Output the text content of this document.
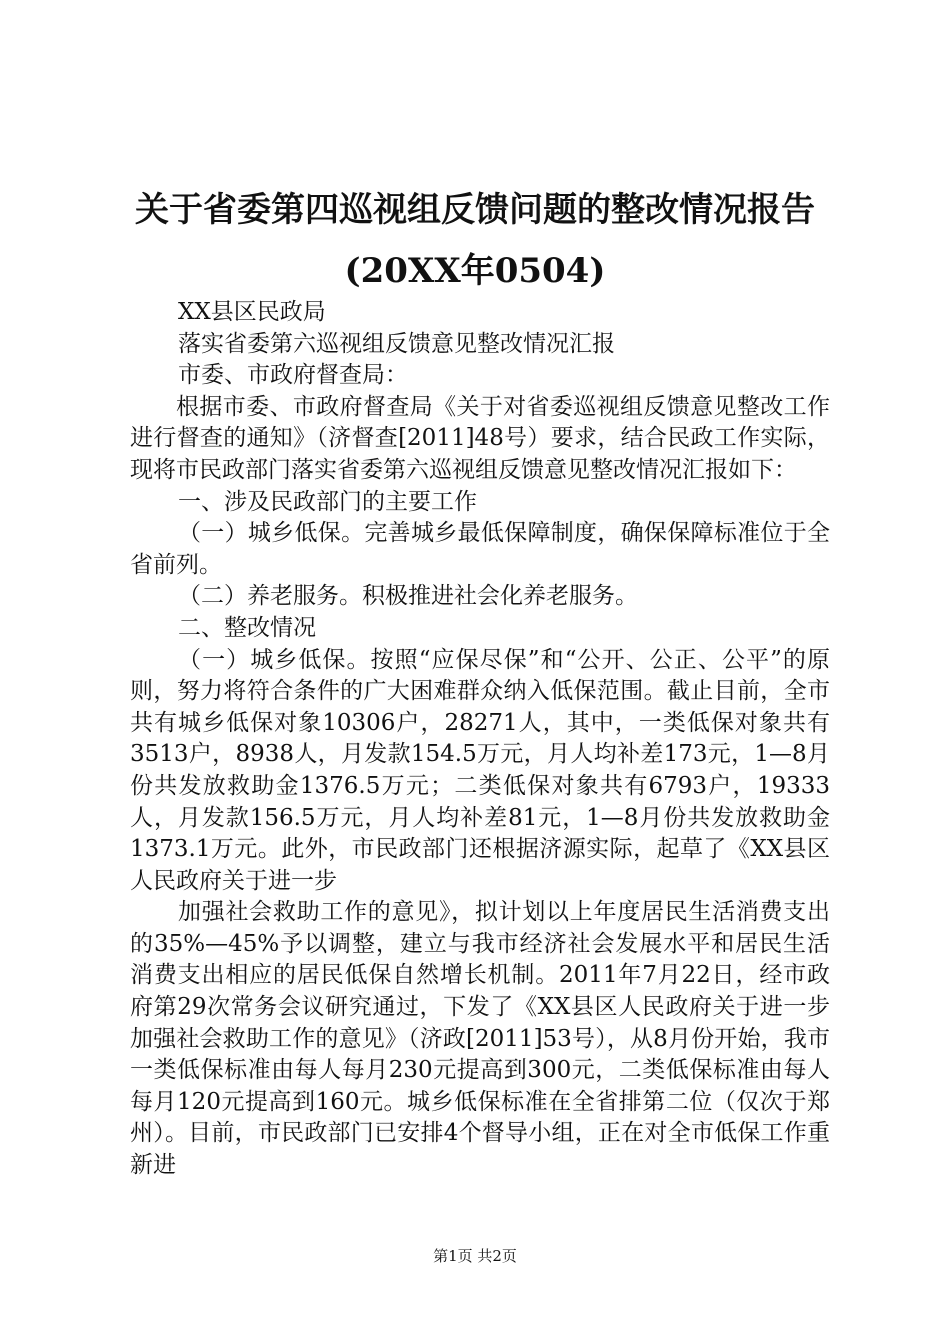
关于省委第四巡视组反馈问题的整改情况报告
(20XX年0504)

XX县区民政局

落实省委第六巡视组反馈意见整改情况汇报

市委、市政府督查局：

根据市委、市政府督查局《关于对省委巡视组反馈意见整改工作进行督查的通知》（济督查[2011]48号）要求，结合民政工作实际，现将市民政部门落实省委第六巡视组反馈意见整改情况汇报如下：

一、涉及民政部门的主要工作

（一）城乡低保。完善城乡最低保障制度，确保保障标准位于全省前列。

（二）养老服务。积极推进社会化养老服务。

二、整改情况

（一）城乡低保。按照“应保尽保”和“公开、公正、公平”的原则，努力将符合条件的广大困难群众纳入低保范围。截止目前，全市共有城乡低保对象10306户，28271人，其中，一类低保对象共有3513户，8938人，月发款154.5万元，月人均补差173元，1—8月份共发放救助金1376.5万元；二类低保对象共有6793户，19333人，月发款156.5万元，月人均补差81元，1—8月份共发放救助金1373.1万元。此外，市民政部门还根据济源实际，起草了《XX县区人民政府关于进一步

加强社会救助工作的意见》，拟计划以上年度居民生活消费支出的35%—45%予以调整，建立与我市经济社会发展水平和居民生活消费支出相应的居民低保自然增长机制。2011年7月22日，经市政府第29次常务会议研究通过，下发了《XX县区人民政府关于进一步加强社会救助工作的意见》（济政[2011]53号），从8月份开始，我市一类低保标准由每人每月230元提高到300元，二类低保标准由每人每月120元提高到160元。城乡低保标准在全省排第二位（仅次于郑州）。目前，市民政部门已安排4个督导小组，正在对全市低保工作重新进

第1页 共2页
